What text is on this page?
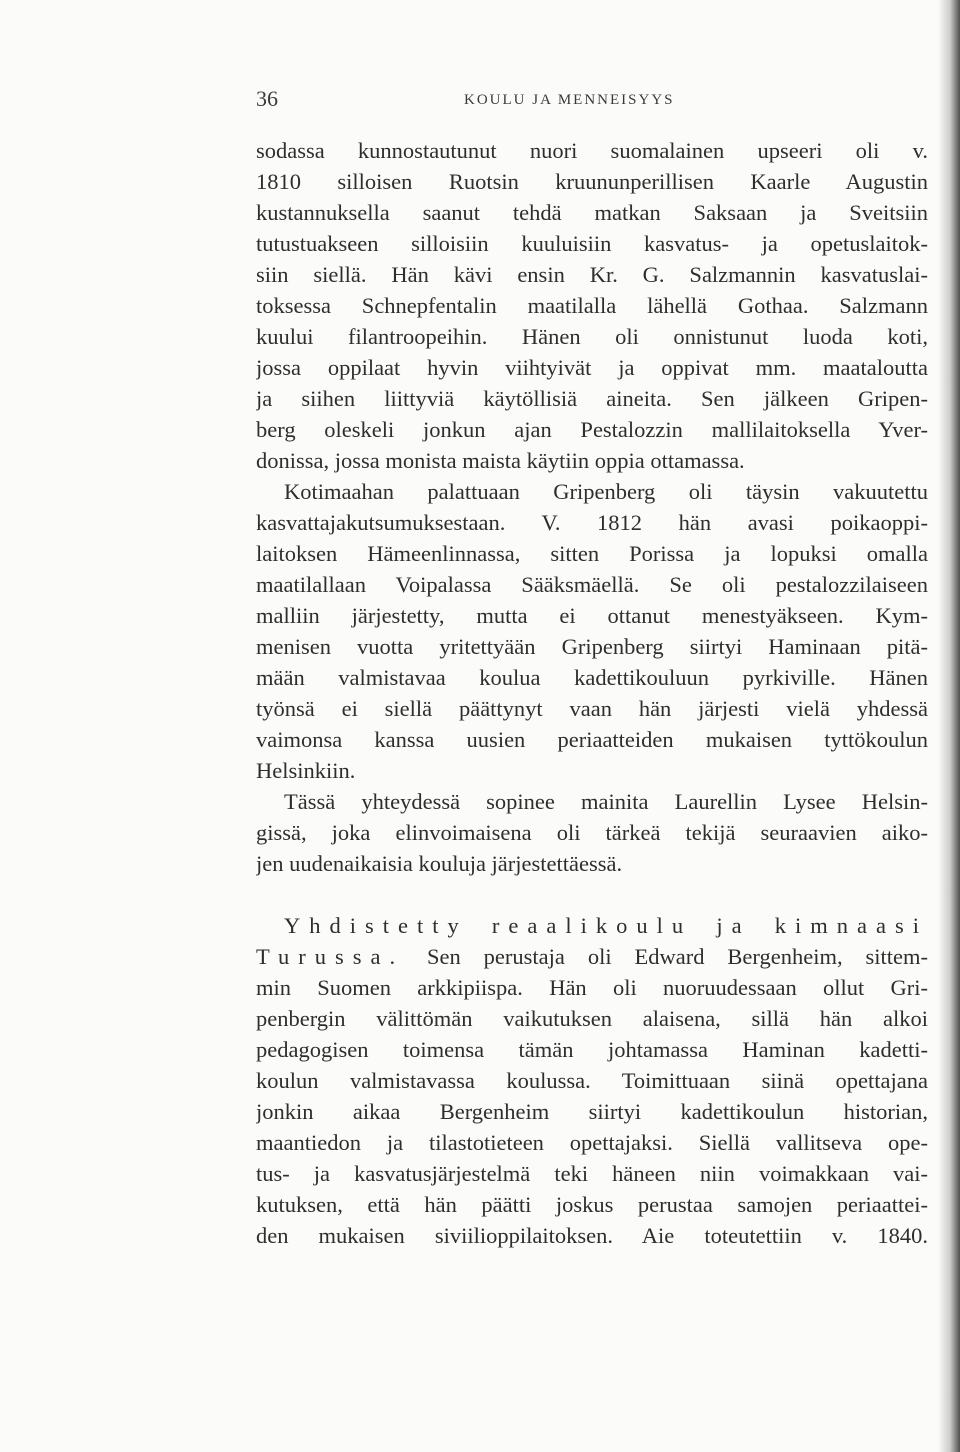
36	KOULU JA MENNEISYYS
sodassa kunnostautunut nuori suomalainen upseeri oli v.
1810 silloisen Ruotsin kruununperillisen Kaarle Augustin
kustannuksella saanut tehdä matkan Saksaan ja Sveitsiin
tutustuakseen silloisiin kuuluisiin kasvatus- ja opetuslaitok-
siin siellä. Hän kävi ensin Kr. G. Salzmannin kasvatuslai-
toksessa Schnepfentalin maatilalla lähellä Gothaa. Salzmann
kuului filantroopeihin. Hänen oli onnistunut luoda koti,
jossa oppilaat hyvin viihtyivät ja oppivat mm. maataloutta
ja siihen liittyviä käytöllisiä aineita. Sen jälkeen Gripen-
berg oleskeli jonkun ajan Pestalozzin mallilaitoksella Yver-
donissa, jossa monista maista käytiin oppia ottamassa.
Kotimaahan palattuaan Gripenberg oli täysin vakuutettu
kasvattajakutsumuksestaan. V. 1812 hän avasi poikaoppi-
laitoksen Hämeenlinnassa, sitten Porissa ja lopuksi omalla
maatilallaan Voipalassa Sääksmäellä. Se oli pestalozzilaiseen
malliin järjestetty, mutta ei ottanut menestyäkseen. Kym-
menisen vuotta yritettyään Gripenberg siirtyi Haminaan pitä-
mään valmistavaa koulua kadettikouluun pyrkiville. Hänen
työnsä ei siellä päättynyt vaan hän järjesti vielä yhdessä
vaimonsa kanssa uusien periaatteiden mukaisen tyttökoulun
Helsinkiin.
Tässä yhteydessä sopinee mainita Laurellin Lysee Helsin-
gissä, joka elinvoimaisena oli tärkeä tekijä seuraavien aiko-
jen uudenaikaisia kouluja järjestettäessä.
Yhdistetty reaalikoulu ja kimnaasi
Turussa. Sen perustaja oli Edward Bergenheim, sittem-
min Suomen arkkipiispa. Hän oli nuoruudessaan ollut Gri-
penbergin välittömän vaikutuksen alaisena, sillä hän alkoi
pedagogisen toimensa tämän johtamassa Haminan kadetti-
koulun valmistavassa koulussa. Toimittuaan siinä opettajana
jonkin aikaa Bergenheim siirtyi kadettikoulun historian,
maantiedon ja tilastotieteen opettajaksi. Siellä vallitseva ope-
tus- ja kasvatusjärjestelmä teki häneen niin voimakkaan vai-
kutuksen, että hän päätti joskus perustaa samojen periaattei-
den mukaisen siviilioppilaitoksen. Aie toteutettiin v. 1840.
